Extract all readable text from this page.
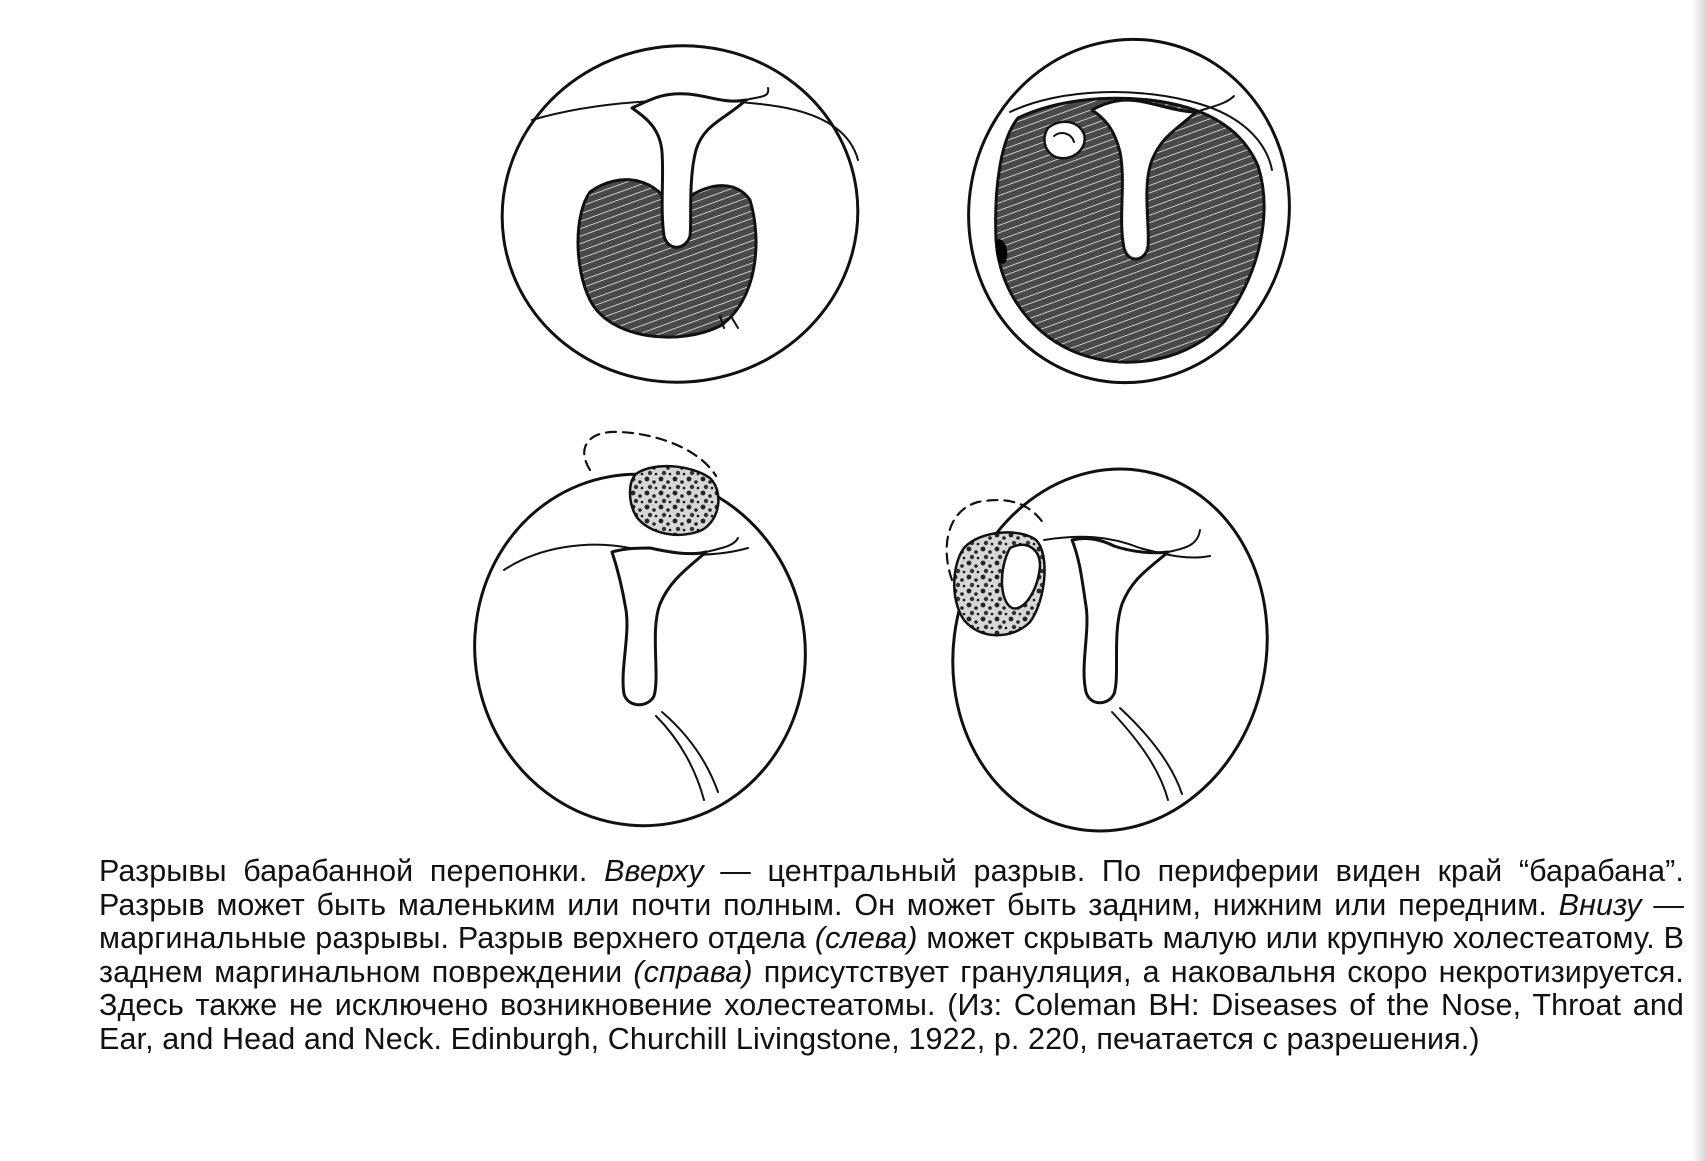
Разрывы барабанной перепонки. Вверху — центральный разрыв. По периферии виден край “барабана”. Разрыв может быть маленьким или почти полным. Он может быть задним, нижним или передним. Внизу — маргинальные разрывы. Разрыв верхнего отдела (слева) может скрывать малую или крупную холестеатому. В заднем маргинальном повреждении (справа) присутствует грануляция, а наковальня скоро некротизируется. Здесь также не исключено возникновение холестеатомы. (Из: Coleman BH: Diseases of the Nose, Throat and Ear, and Head and Neck. Edinburgh, Churchill Livingstone, 1922, p. 220, печатается с разрешения.)
